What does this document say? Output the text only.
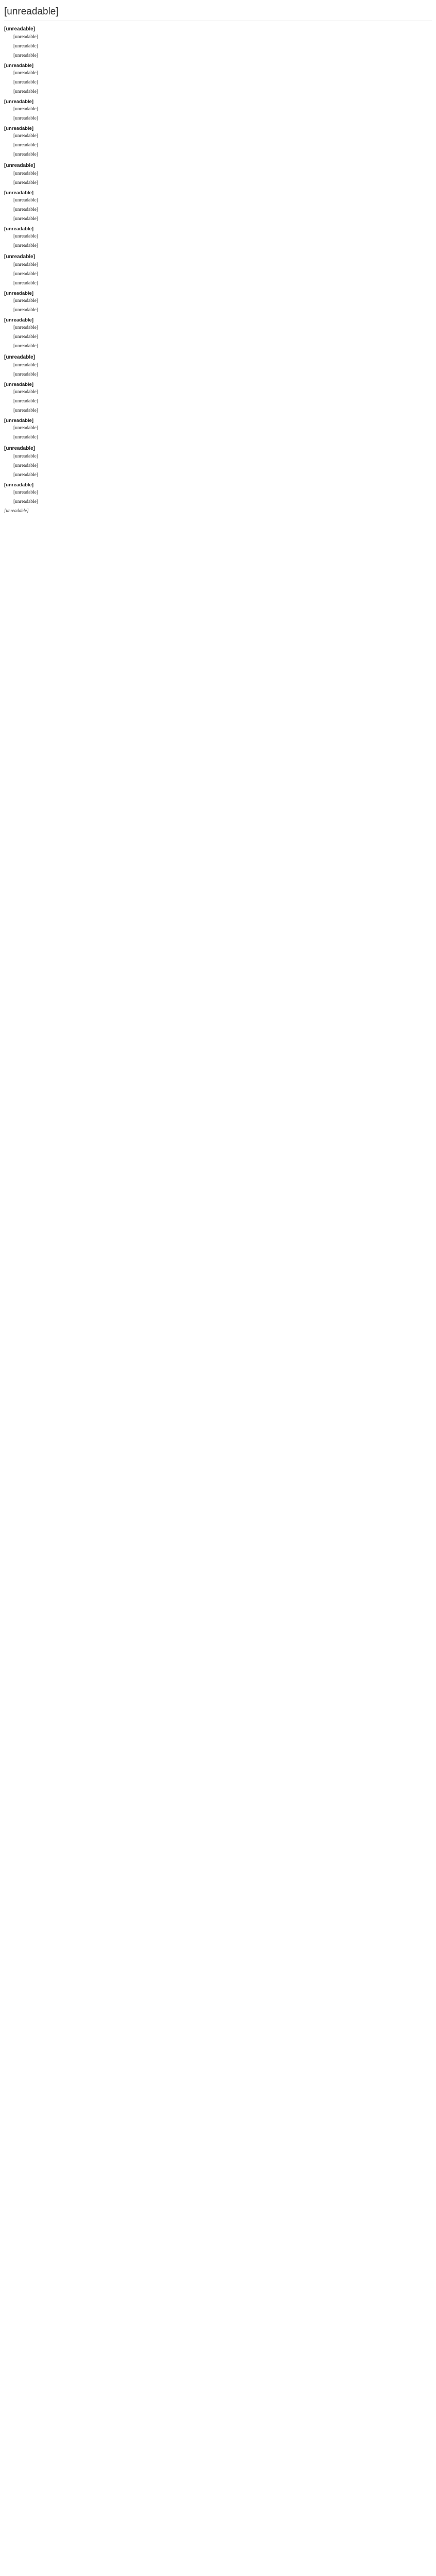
[unreadable]
[unreadable]
[unreadable]
[unreadable]
[unreadable]
[unreadable]
[unreadable]
[unreadable]
[unreadable]
[unreadable]
[unreadable]
[unreadable]
[unreadable]
[unreadable]
[unreadable]
[unreadable]
[unreadable]
[unreadable]
[unreadable]
[unreadable]
[unreadable]
[unreadable]
[unreadable]
[unreadable]
[unreadable]
[unreadable]
[unreadable]
[unreadable]
[unreadable]
[unreadable]
[unreadable]
[unreadable]
[unreadable]
[unreadable]
[unreadable]
[unreadable]
[unreadable]
[unreadable]
[unreadable]
[unreadable]
[unreadable]
[unreadable]
[unreadable]
[unreadable]
[unreadable]
[unreadable]
[unreadable]
[unreadable]
[unreadable]
[unreadable]
[unreadable]
[unreadable]
[unreadable]
[unreadable]
[unreadable]
